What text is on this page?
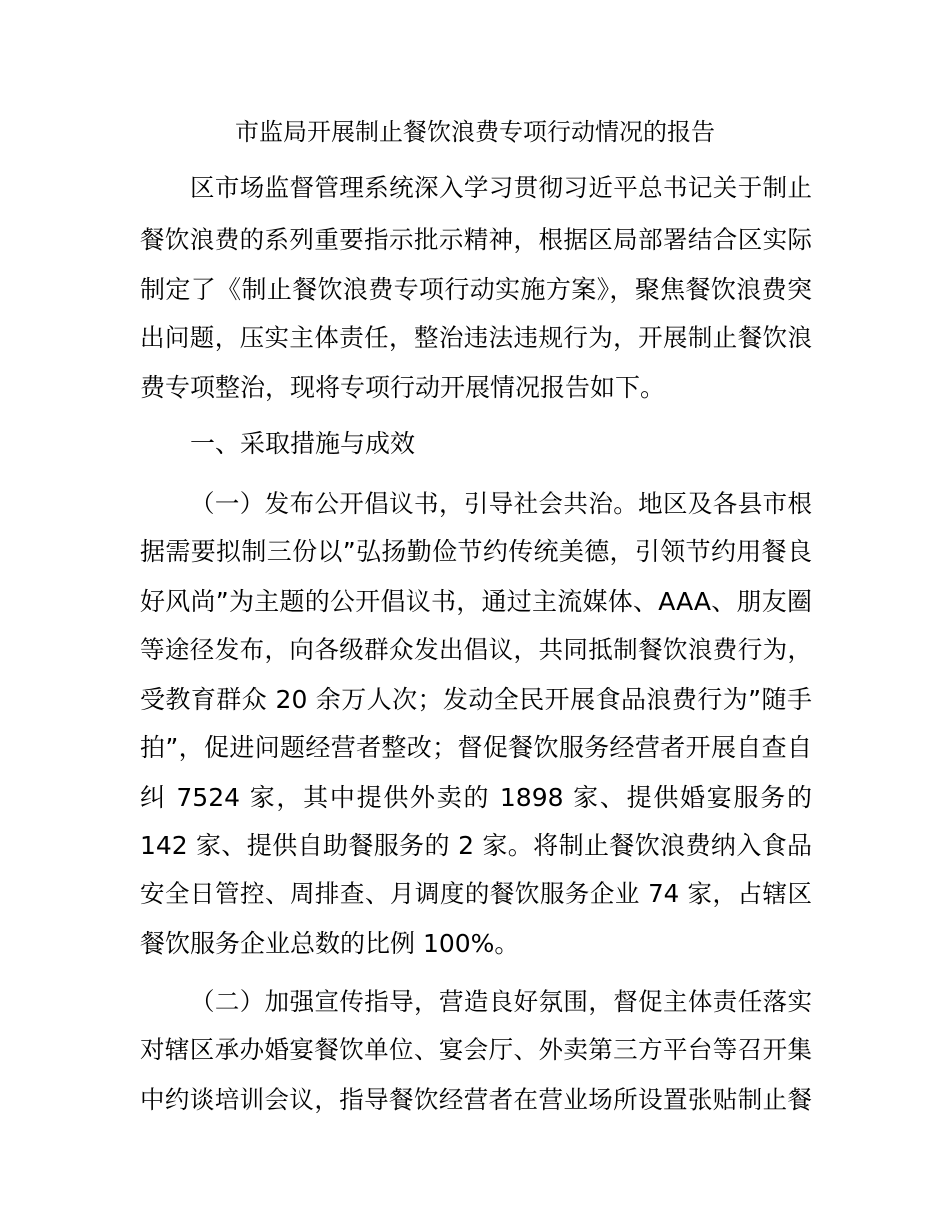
市监局开展制止餐饮浪费专项行动情况的报告
区市场监督管理系统深入学习贯彻习近平总书记关于制止
餐饮浪费的系列重要指示批示精神，根据区局部署结合区实际
制定了《制止餐饮浪费专项行动实施方案》，聚焦餐饮浪费突
出问题，压实主体责任，整治违法违规行为，开展制止餐饮浪
费专项整治，现将专项行动开展情况报告如下。
一、采取措施与成效
（一）发布公开倡议书，引导社会共治。地区及各县市根
据需要拟制三份以”弘扬勤俭节约传统美德，引领节约用餐良
好风尚”为主题的公开倡议书，通过主流媒体、AAA、朋友圈
等途径发布，向各级群众发出倡议，共同抵制餐饮浪费行为，
受教育群众 20 余万人次；发动全民开展食品浪费行为”随手
拍”，促进问题经营者整改；督促餐饮服务经营者开展自查自
纠 7524 家，其中提供外卖的 1898 家、提供婚宴服务的
142 家、提供自助餐服务的 2 家。将制止餐饮浪费纳入食品
安全日管控、周排查、月调度的餐饮服务企业 74 家，占辖区
餐饮服务企业总数的比例 100%。
（二）加强宣传指导，营造良好氛围，督促主体责任落实
对辖区承办婚宴餐饮单位、宴会厅、外卖第三方平台等召开集
中约谈培训会议，指导餐饮经营者在营业场所设置张贴制止餐
